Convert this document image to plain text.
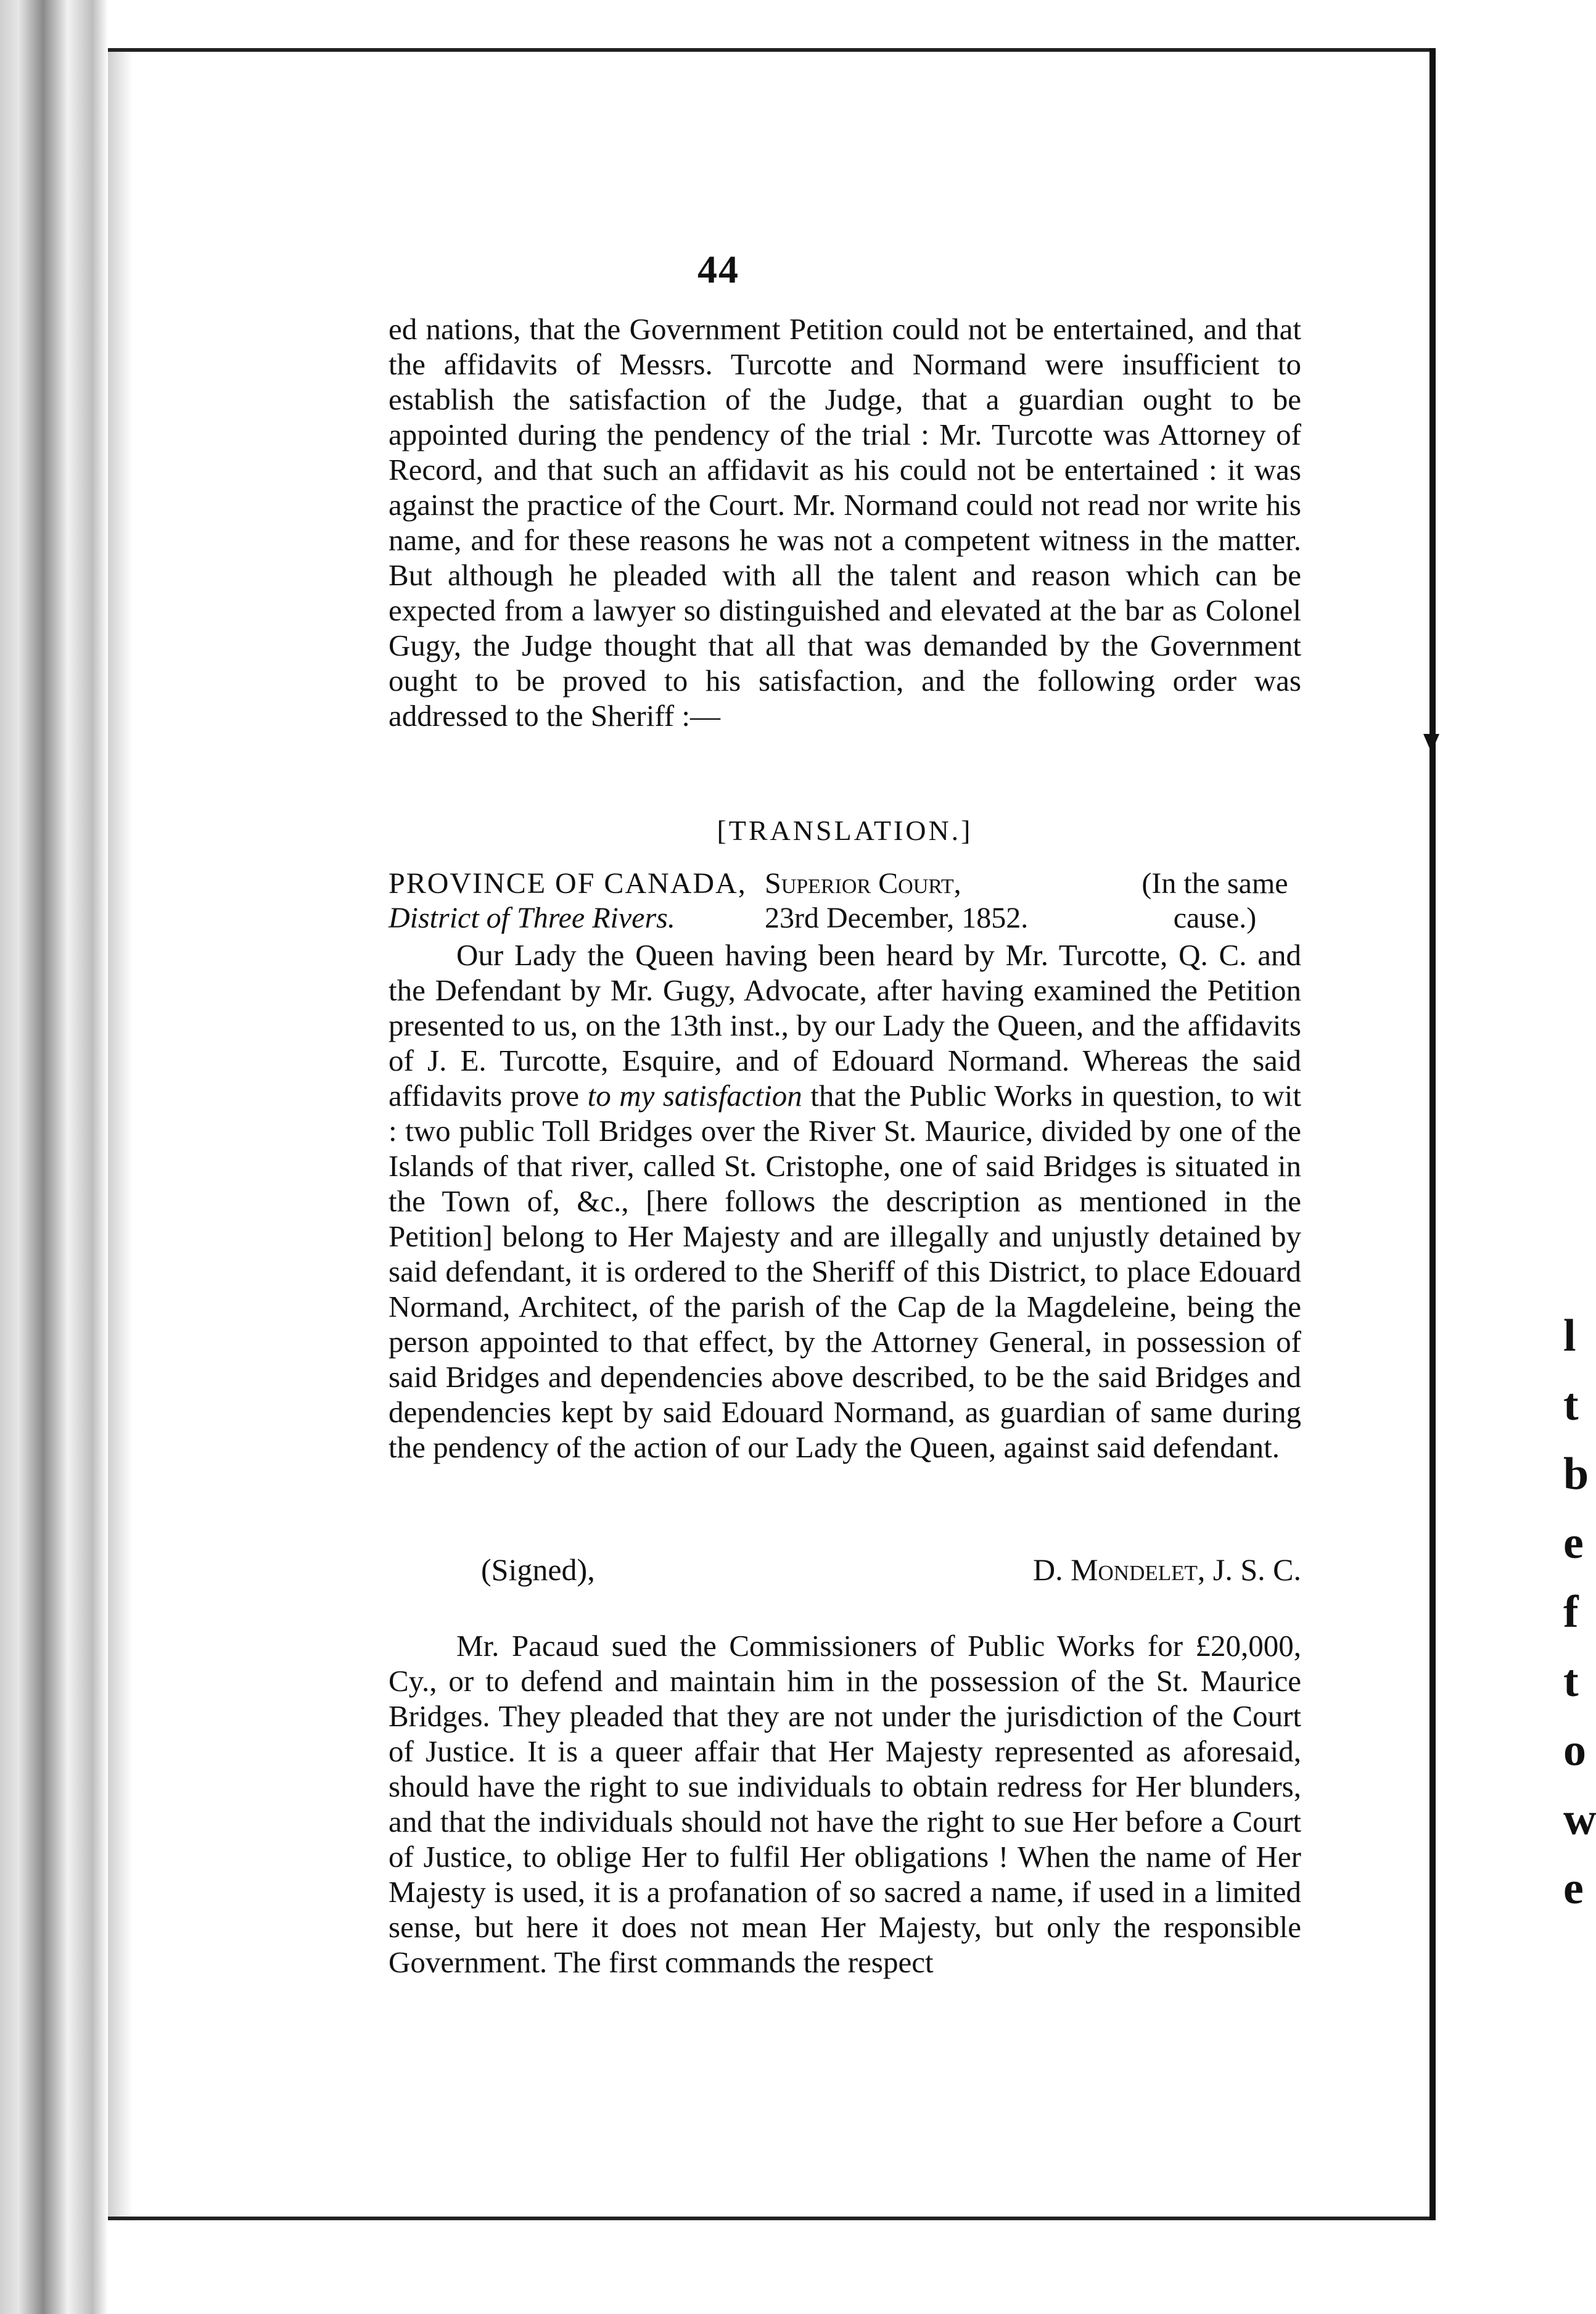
l
t
b
e
f
t
o
w
e
44

ed nations, that the Government Petition could not be entertained, and that the affidavits of Messrs. Turcotte and Normand were insufficient to establish the satisfaction of the Judge, that a guardian ought to be appointed during the pendency of the trial : Mr. Turcotte was Attorney of Record, and that such an affidavit as his could not be entertained : it was against the practice of the Court. Mr. Normand could not read nor write his name, and for these reasons he was not a competent witness in the matter. But although he pleaded with all the talent and reason which can be expected from a lawyer so distinguished and elevated at the bar as Colonel Gugy, the Judge thought that all that was demanded by the Government ought to be proved to his satisfaction, and the following order was addressed to the Sheriff :—

[TRANSLATION.]
PROVINCE OF CANADA,
District of Three Rivers.
Superior Court,
23rd December, 1852.
(In the same
cause.)

Our Lady the Queen having been heard by Mr. Turcotte, Q. C. and the Defendant by Mr. Gugy, Advocate, after having examined the Petition presented to us, on the 13th inst., by our Lady the Queen, and the affidavits of J. E. Turcotte, Esquire, and of Edouard Normand. Whereas the said affidavits prove to my satisfaction that the Public Works in question, to wit : two public Toll Bridges over the River St. Maurice, divided by one of the Islands of that river, called St. Cristophe, one of said Bridges is situated in the Town of, &c., [here follows the description as mentioned in the Petition] belong to Her Majesty and are illegally and unjustly detained by said defendant, it is ordered to the Sheriff of this District, to place Edouard Normand, Architect, of the parish of the Cap de la Magdeleine, being the person appointed to that effect, by the Attorney General, in possession of said Bridges and dependencies above described, to be the said Bridges and dependencies kept by said Edouard Normand, as guardian of same during the pendency of the action of our Lady the Queen, against said defendant.

(Signed),	D. Mondelet, J. S. C.

Mr. Pacaud sued the Commissioners of Public Works for £20,000, Cy., or to defend and maintain him in the possession of the St. Maurice Bridges. They pleaded that they are not under the jurisdiction of the Court of Justice. It is a queer affair that Her Majesty represented as aforesaid, should have the right to sue individuals to obtain redress for Her blunders, and that the individuals should not have the right to sue Her before a Court of Justice, to oblige Her to fulfil Her obligations ! When the name of Her Majesty is used, it is a profanation of so sacred a name, if used in a limited sense, but here it does not mean Her Majesty, but only the responsible Government. The first commands the respect
